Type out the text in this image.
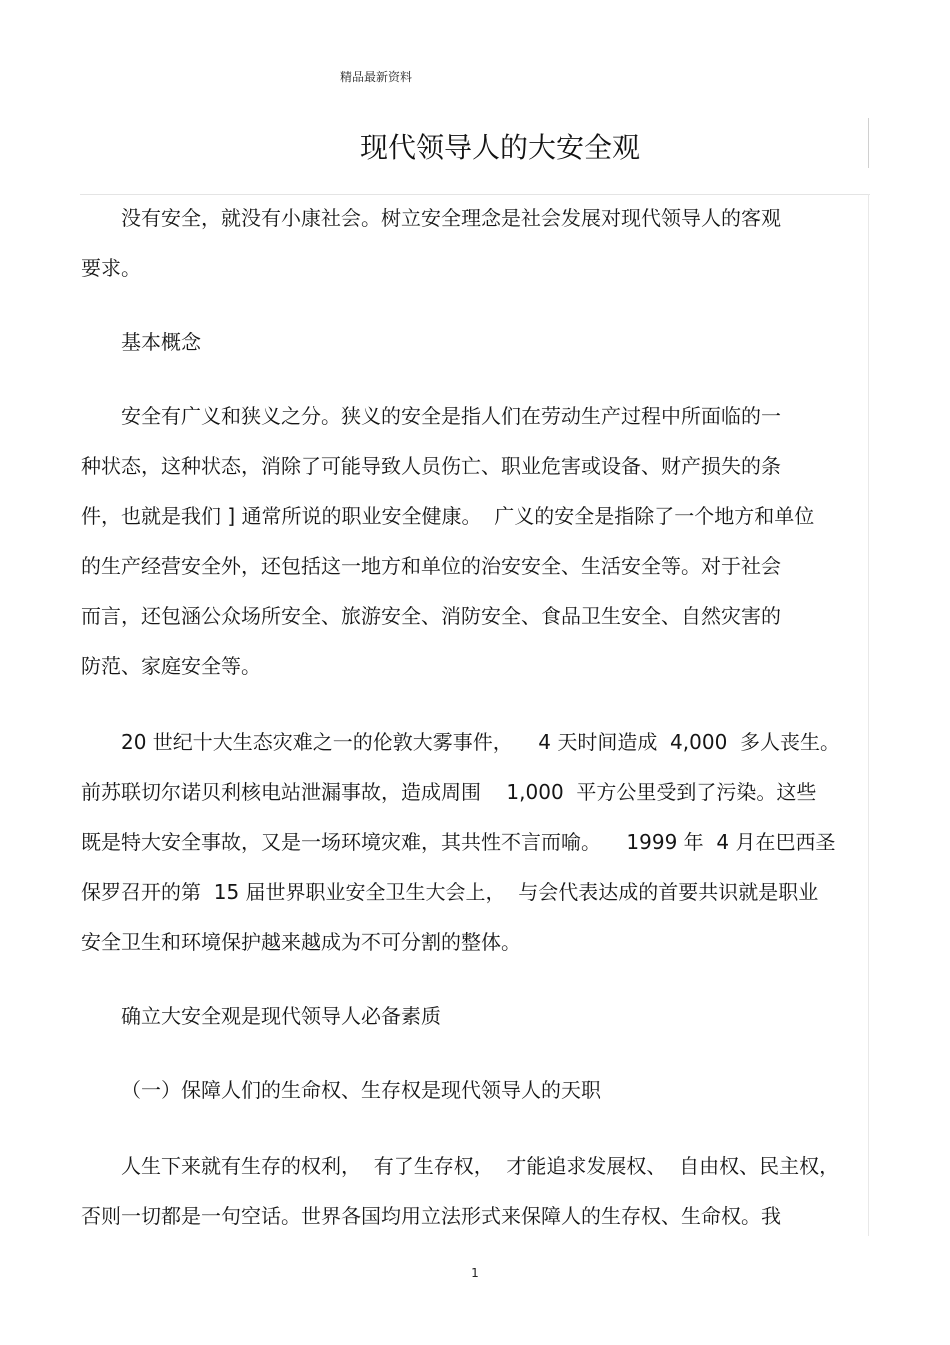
精品最新资料
现代领导人的大安全观
没有安全，就没有小康社会。树立安全理念是社会发展对现代领导人的客观
要求。
基本概念
安全有广义和狭义之分。狭义的安全是指人们在劳动生产过程中所面临的一
种状态，这种状态，消除了可能导致人员伤亡、职业危害或设备、财产损失的条
件，也就是我们 ] 通常所说的职业安全健康。  广义的安全是指除了一个地方和单位
的生产经营安全外，还包括这一地方和单位的治安安全、生活安全等。对于社会
而言，还包涵公众场所安全、旅游安全、消防安全、食品卫生安全、自然灾害的
防范、家庭安全等。
20 世纪十大生态灾难之一的伦敦大雾事件，    4 天时间造成  4,000  多人丧生。
前苏联切尔诺贝利核电站泄漏事故，造成周围    1,000  平方公里受到了污染。这些
既是特大安全事故，又是一场环境灾难，其共性不言而喻。    1999 年  4 月在巴西圣
保罗召开的第  15 届世界职业安全卫生大会上，  与会代表达成的首要共识就是职业
安全卫生和环境保护越来越成为不可分割的整体。
确立大安全观是现代领导人必备素质
（一）保障人们的生命权、生存权是现代领导人的天职
人生下来就有生存的权利，  有了生存权，  才能追求发展权、  自由权、民主权，
否则一切都是一句空话。世界各国均用立法形式来保障人的生存权、生命权。我
1
